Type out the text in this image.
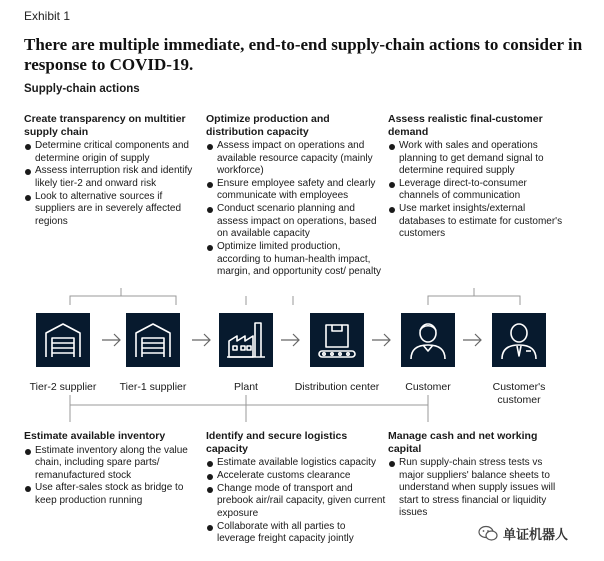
Exhibit 1
There are multiple immediate, end-to-end supply-chain actions to consider in response to COVID-19.
Supply-chain actions
Create transparency on multitier supply chain
Determine critical components and determine origin of supply
Assess interruption risk and identify likely tier-2 and onward risk
Look to alternative sources if suppliers are in severely affected regions
Optimize production and distribution capacity
Assess impact on operations and available resource capacity (mainly workforce)
Ensure employee safety and clearly communicate with employees
Conduct scenario planning and assess impact on operations, based on available capacity
Optimize limited production, according to human-health impact, margin, and opportunity cost/ penalty
Assess realistic final-customer demand
Work with sales and operations planning to get demand signal to determine required supply
Leverage direct-to-consumer channels of communication
Use market insights/external databases to estimate for customer's customers
Tier-2 supplier	Tier-1 supplier	Plant	Distribution center	Customer	Customer's customer
Estimate available inventory
Estimate inventory along the value chain, including spare parts/ remanufactured stock
Use after-sales stock as bridge to keep production running
Identify and secure logistics capacity
Estimate available logistics capacity
Accelerate customs clearance
Change mode of transport and prebook air/rail capacity, given current exposure
Collaborate with all parties to leverage freight capacity jointly
Manage cash and net working capital
Run supply-chain stress tests vs major suppliers' balance sheets to understand when supply issues will start to stress financial or liquidity issues
单证机器人
